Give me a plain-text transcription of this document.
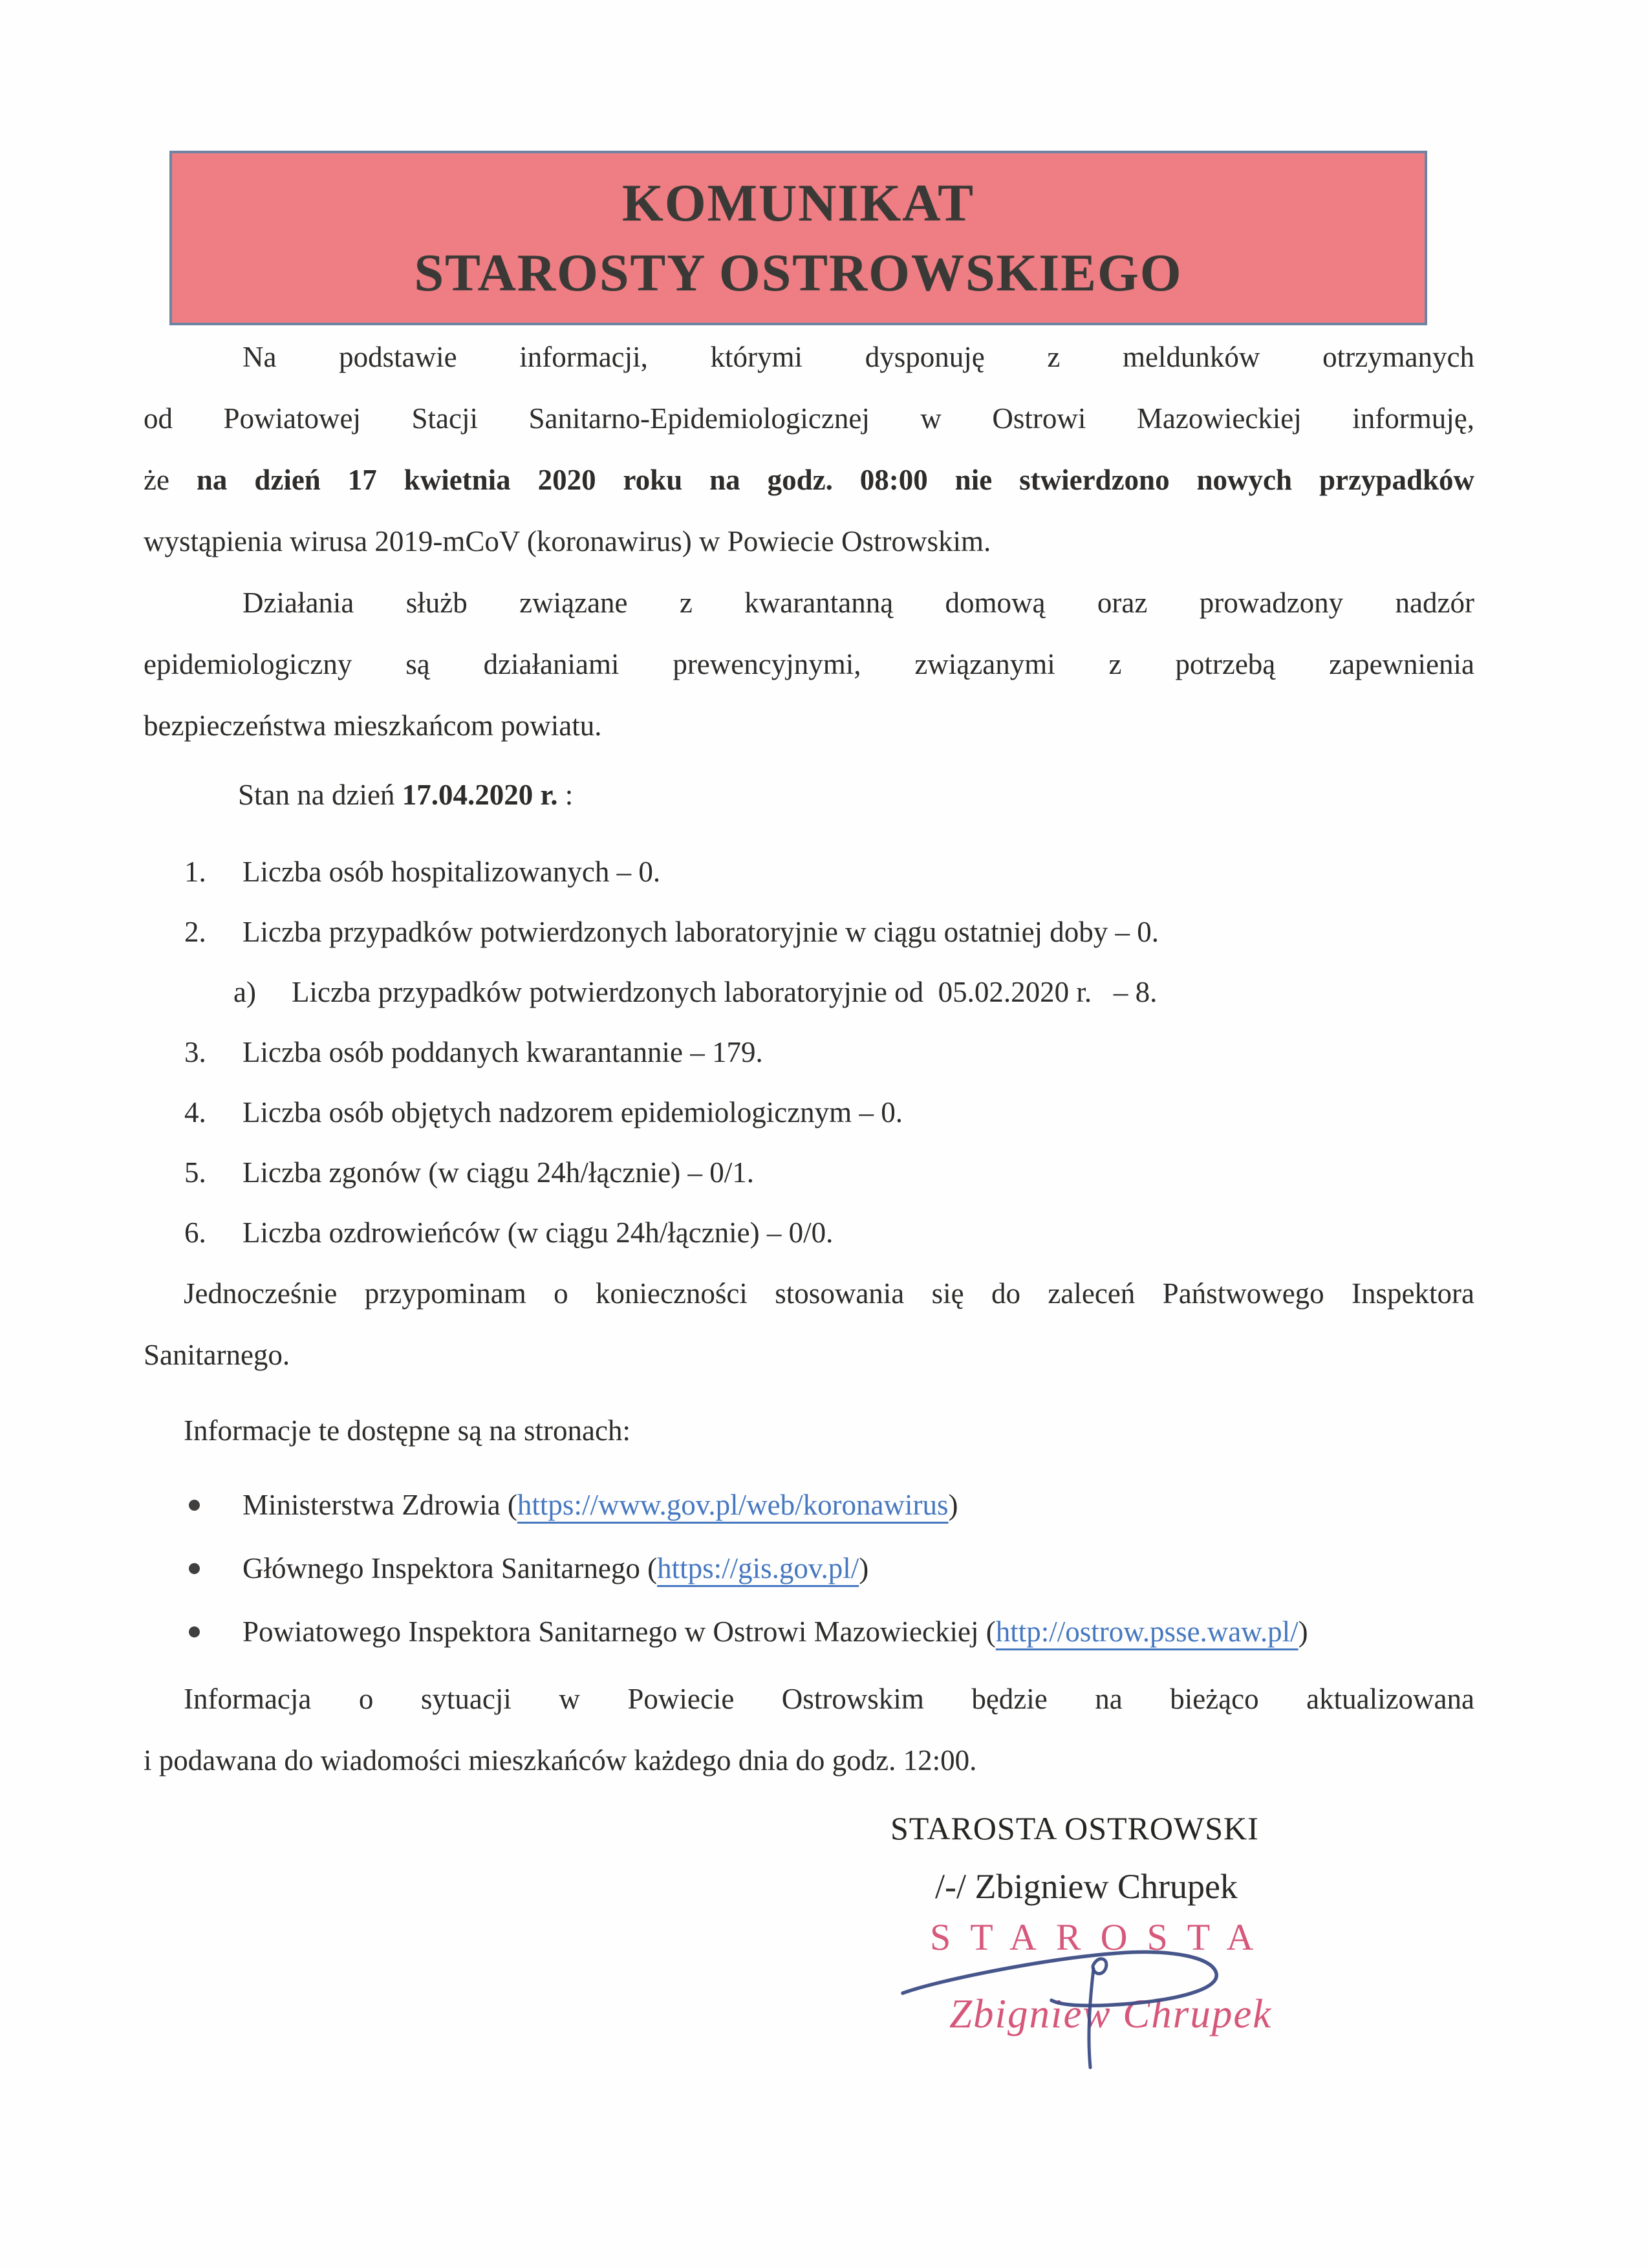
KOMUNIKAT
STAROSTY OSTROWSKIEGO
Na podstawie informacji, którymi dysponuję z meldunków otrzymanych
od Powiatowej Stacji Sanitarno-Epidemiologicznej w Ostrowi Mazowieckiej informuję,
że na dzień 17 kwietnia 2020 roku na godz. 08:00 nie stwierdzono nowych przypadków
wystąpienia wirusa 2019-mCoV (koronawirus) w Powiecie Ostrowskim.
Działania służb związane z kwarantanną domową oraz prowadzony nadzór
epidemiologiczny są działaniami prewencyjnymi, związanymi z potrzebą zapewnienia
bezpieczeństwa mieszkańcom powiatu.
Stan na dzień 17.04.2020 r. :
1.	Liczba osób hospitalizowanych – 0.
2.	Liczba przypadków potwierdzonych laboratoryjnie w ciągu ostatniej doby – 0.
a)	Liczba przypadków potwierdzonych laboratoryjnie od  05.02.2020 r.   – 8.
3.	Liczba osób poddanych kwarantannie – 179.
4.	Liczba osób objętych nadzorem epidemiologicznym – 0.
5.	Liczba zgonów (w ciągu 24h/łącznie) – 0/1.
6.	Liczba ozdrowieńców (w ciągu 24h/łącznie) – 0/0.
Jednocześnie przypominam o konieczności stosowania się do zaleceń Państwowego Inspektora
Sanitarnego.
Informacje te dostępne są na stronach:
Ministerstwa Zdrowia (https://www.gov.pl/web/koronawirus)
Głównego Inspektora Sanitarnego (https://gis.gov.pl/)
Powiatowego Inspektora Sanitarnego w Ostrowi Mazowieckiej (http://ostrow.psse.waw.pl/)
Informacja o sytuacji w Powiecie Ostrowskim będzie na bieżąco aktualizowana
i podawana do wiadomości mieszkańców każdego dnia do godz. 12:00.
STAROSTA OSTROWSKI
/-/ Zbigniew Chrupek
STAROSTA
Zbigniew Chrupek
